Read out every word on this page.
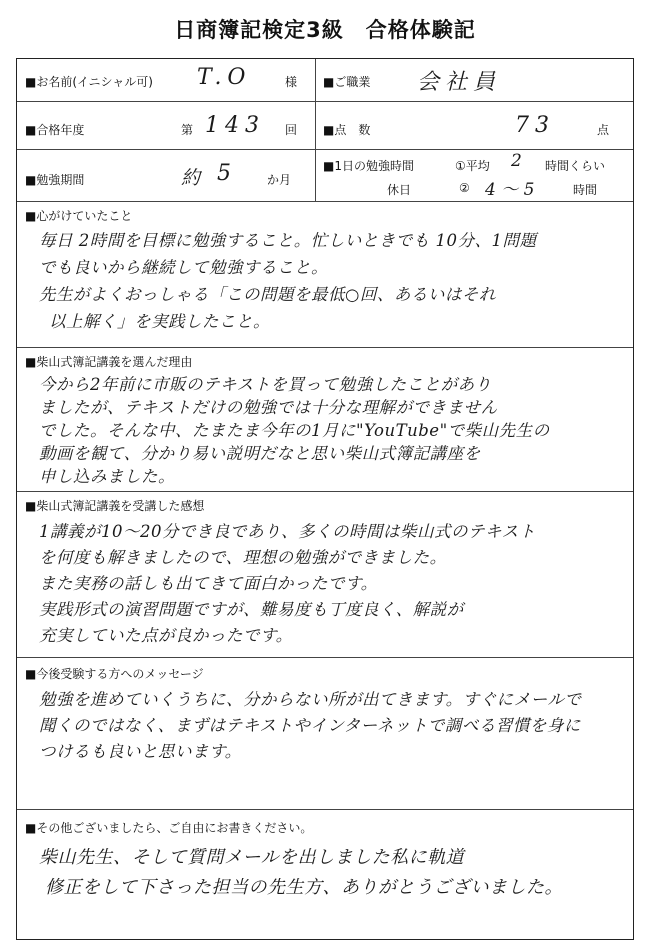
日商簿記検定3級　合格体験記
■お名前(イニシャル可) T.O	様 ■ご職業 会社員
■合格年度	第 143 回 ■点　数	73	点
■勉強期間	約 5	か月
■1日の勉強時間	①平均 2 時間くらい
休日	② 4 ～ 5	時間
■心がけていたこと
毎日 2時間を目標に勉強すること。忙しいときでも 10分、1問題
でも良いから継続して勉強すること。
先生がよくおっしゃる「この問題を最低○回、あるいはそれ
以上解く」を実践したこと。
■柴山式簿記講義を選んだ理由
今から2年前に市販のテキストを買って勉強したことがあり
ましたが、テキストだけの勉強では十分な理解ができません
でした。そんな中、たまたま今年の1月に"YouTube"で柴山先生の
動画を観て、分かり易い説明だなと思い柴山式簿記講座を
申し込みました。
■柴山式簿記講義を受講した感想
1講義が10～20分でき良であり、多くの時間は柴山式のテキスト
を何度も解きましたので、理想の勉強ができました。
また実務の話しも出てきて面白かったです。
実践形式の演習問題ですが、難易度も丁度良く、解説が
充実していた点が良かったです。
■今後受験する方へのメッセージ
勉強を進めていくうちに、分からない所が出てきます。すぐにメールで
聞くのではなく、まずはテキストやインターネットで調べる習慣を身に
つけるも良いと思います。
■その他ございましたら、ご自由にお書きください。
柴山先生、そして質問メールを出しました私に軌道
修正をして下さった担当の先生方、ありがとうございました。
